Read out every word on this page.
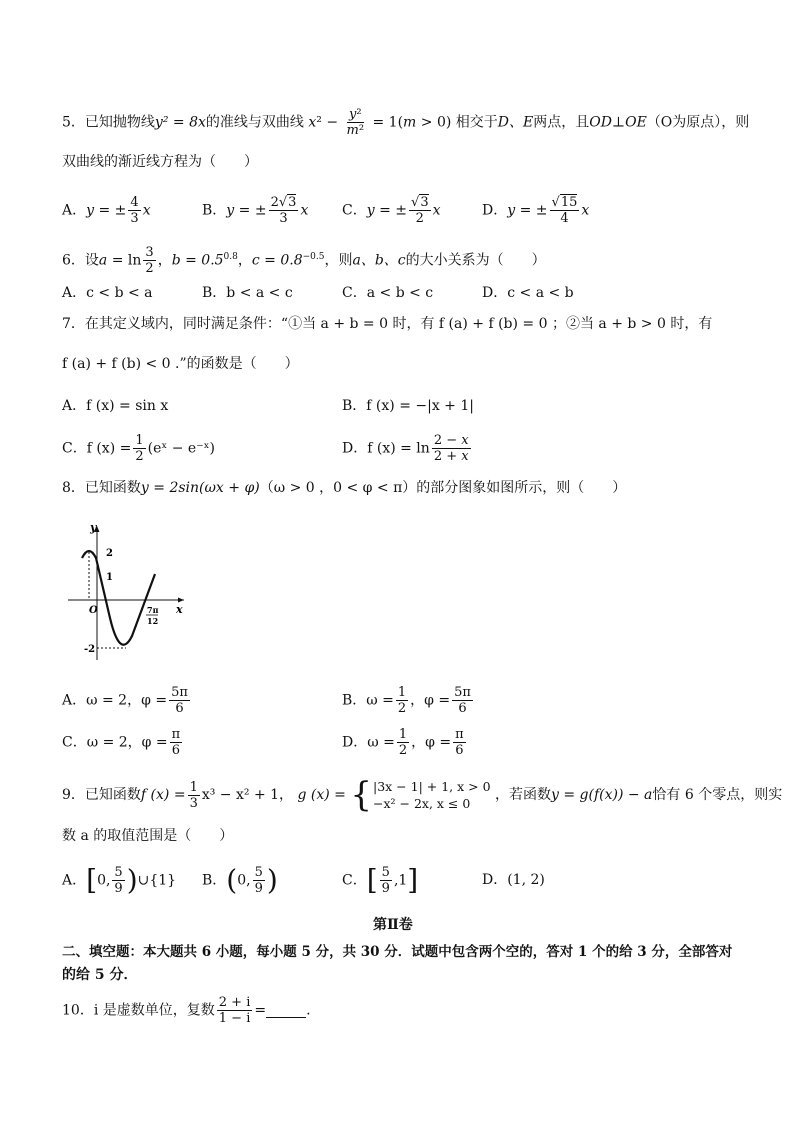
5．已知抛物线y² = 8x的准线与双曲线 $x^2 - \frac{\text{y²}}{\text{m²}} = 1(m > 0)$ 相交于D、E两点，且OD⊥OE（O为原点），则
双曲线的渐近线方程为（　　）
A．y = ± $\frac{4}{3}$ x	B．y = ± $\frac{2√3}{3}$ x C．y = ± $\frac{√3}{2}$ x	D．y = ± $\frac{√15}{4}$ x
6．设$a = \ln \frac{3}{2}$ ，$b = 0.5^{0.8}$，$c = 0.8^{-0.5}$，则a、b、c的大小关系为（　　）
A．c < b < a	B．b < a < c	C．a < b < c	D．c < a < b
7．在其定义域内，同时满足条件：“①当 a + b = 0 时，有 f (a) + f (b) = 0 ；②当 a + b > 0 时，有
f (a) + f (b) < 0 .”的函数是（　　）
A．f (x) = sin x	B．f (x) = −|x + 1|
C．f $(x) = \frac{1}{2}$ (eˣ − e⁻ˣ)	D．f $(x) = \ln \frac{2 - x}{2 + x}$
8．已知函数y = 2sin(ωx + φ)（ω > 0 ，0 < φ < π）的部分图象如图所示，则（　　）
y
x
2
1
O
-2
7π
12
A．ω = 2，$\varphi = \frac{5\pi}{6}$	B．$\omega = \frac{1}{2}$ ，$\varphi = \frac{5\pi}{6}$
C．ω = 2，$\varphi = \frac{\pi}{6}$	D．$\omega = \frac{1}{2}$ ，$\varphi = \frac{\pi}{6}$
9．已知函数f $(x) = \frac{1}{3} x^3 - x^2 + 1$， g (x) = { |3x − 1| + 1, x > 0
−x² − 2x, x ≤ 0
，若函数y = g(f(x)) − a恰有 6 个零点，则实
数 a 的取值范围是（　　）
A．[0, $\frac{5}{9}$ )∪{1} B．(0, $\frac{5}{9}$ )	C．[ $\frac{5}{9} ,1$]	D．(1, 2)
第Ⅱ卷
二、填空题：本大题共 6 小题，每小题 5 分，共 30 分．试题中包含两个空的，答对 1 个的给 3 分，全部答对
的给 5 分．
10．i 是虚数单位，复数 $\frac{2 + i}{1 - i}$ =	.
